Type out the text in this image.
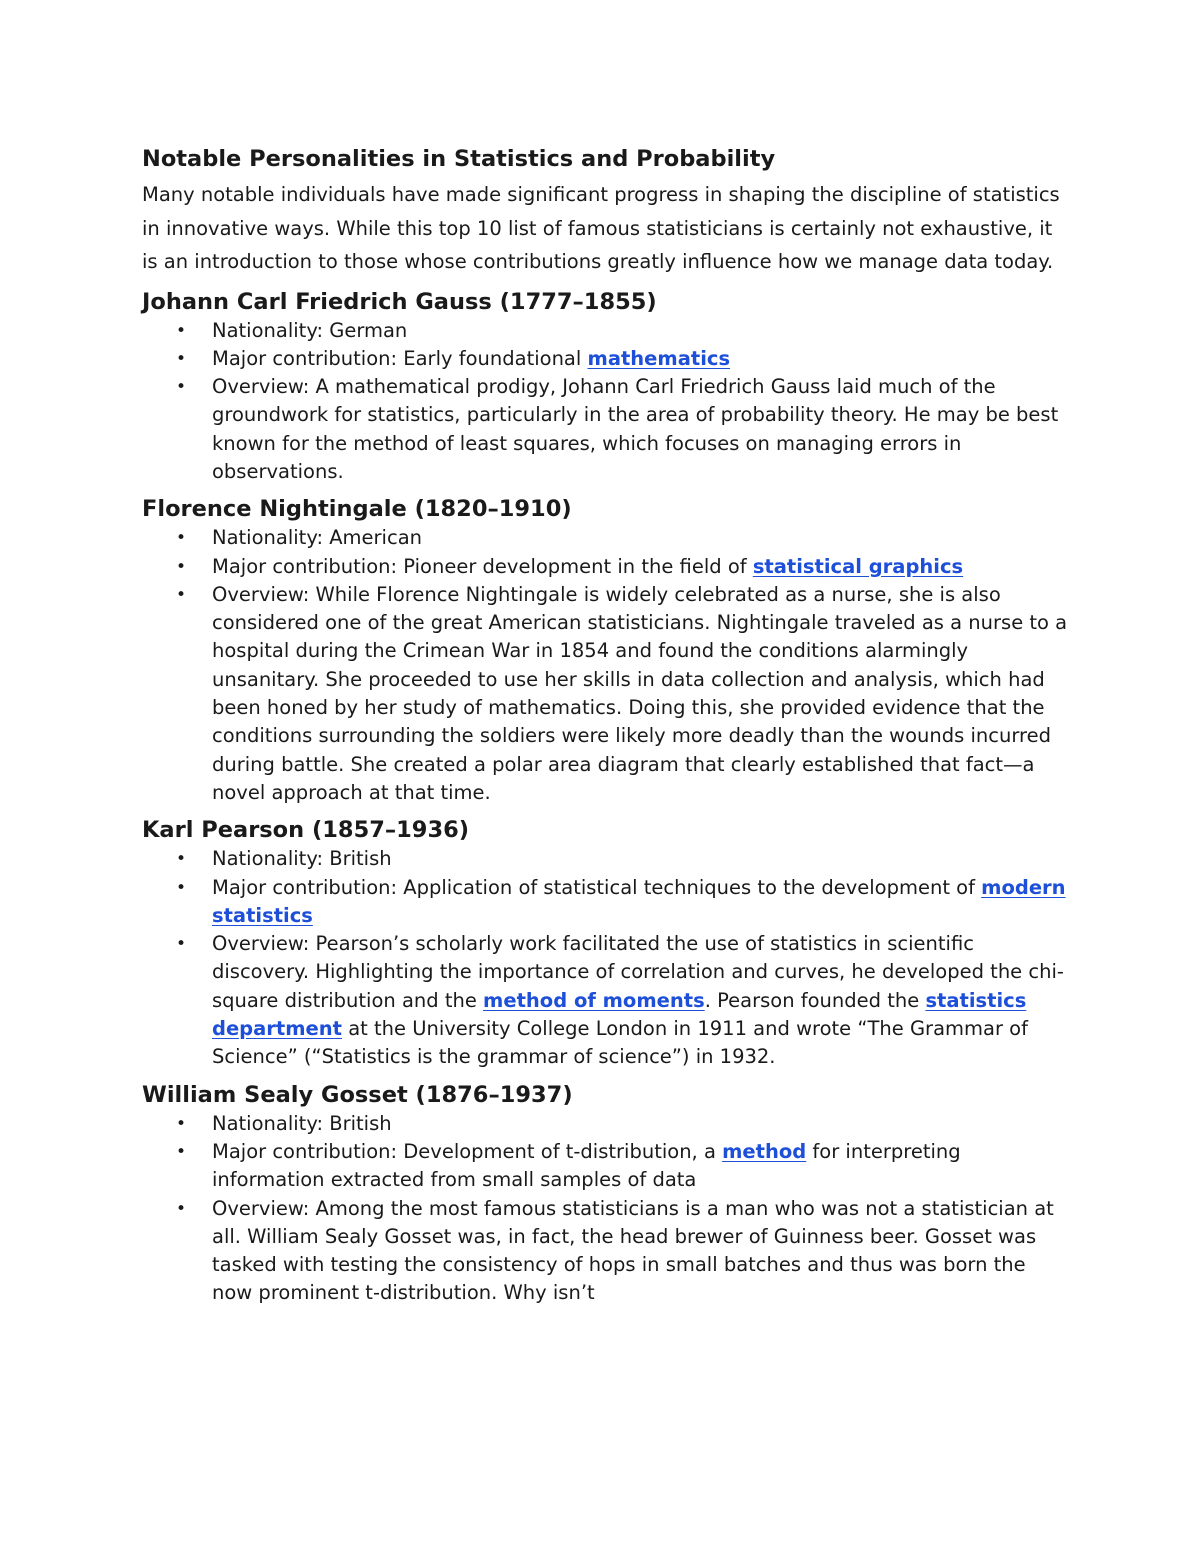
Notable Personalities in Statistics and Probability

Many notable individuals have made significant progress in shaping the discipline of statistics in innovative ways. While this top 10 list of famous statisticians is certainly not exhaustive, it is an introduction to those whose contributions greatly influence how we manage data today.

Johann Carl Friedrich Gauss (1777–1855)
• Nationality: German
• Major contribution: Early foundational mathematics
• Overview: A mathematical prodigy, Johann Carl Friedrich Gauss laid much of the groundwork for statistics, particularly in the area of probability theory. He may be best known for the method of least squares, which focuses on managing errors in observations.
Florence Nightingale (1820–1910)
• Nationality: American
• Major contribution: Pioneer development in the field of statistical graphics
• Overview: While Florence Nightingale is widely celebrated as a nurse, she is also considered one of the great American statisticians. Nightingale traveled as a nurse to a hospital during the Crimean War in 1854 and found the conditions alarmingly unsanitary. She proceeded to use her skills in data collection and analysis, which had been honed by her study of mathematics. Doing this, she provided evidence that the conditions surrounding the soldiers were likely more deadly than the wounds incurred during battle. She created a polar area diagram that clearly established that fact—a novel approach at that time.
Karl Pearson (1857–1936)
• Nationality: British
• Major contribution: Application of statistical techniques to the development of modern statistics
• Overview: Pearson’s scholarly work facilitated the use of statistics in scientific discovery. Highlighting the importance of correlation and curves, he developed the chi-square distribution and the method of moments. Pearson founded the statistics department at the University College London in 1911 and wrote “The Grammar of Science” (“Statistics is the grammar of science”) in 1932.
William Sealy Gosset (1876–1937)
• Nationality: British
• Major contribution: Development of t-distribution, a method for interpreting information extracted from small samples of data
• Overview: Among the most famous statisticians is a man who was not a statistician at all. William Sealy Gosset was, in fact, the head brewer of Guinness beer. Gosset was tasked with testing the consistency of hops in small batches and thus was born the now prominent t-distribution. Why isn’t
